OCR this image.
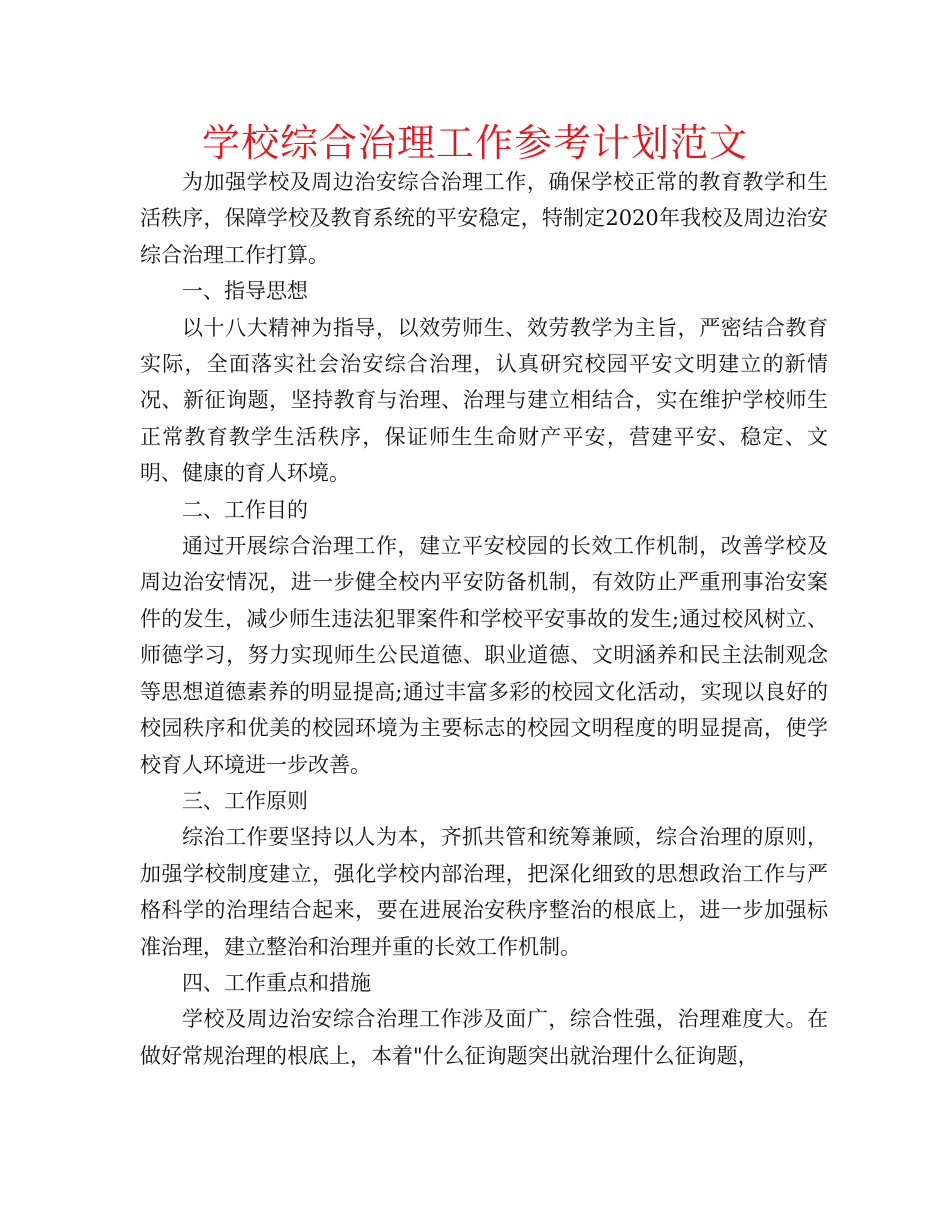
学校综合治理工作参考计划范文

为加强学校及周边治安综合治理工作，确保学校正常的教育教学和生活秩序，保障学校及教育系统的平安稳定，特制定2020年我校及周边治安综合治理工作打算。

一、指导思想

以十八大精神为指导，以效劳师生、效劳教学为主旨，严密结合教育实际，全面落实社会治安综合治理，认真研究校园平安文明建立的新情况、新征询题，坚持教育与治理、治理与建立相结合，实在维护学校师生正常教育教学生活秩序，保证师生生命财产平安，营建平安、稳定、文明、健康的育人环境。

二、工作目的

通过开展综合治理工作，建立平安校园的长效工作机制，改善学校及周边治安情况，进一步健全校内平安防备机制，有效防止严重刑事治安案件的发生，减少师生违法犯罪案件和学校平安事故的发生;通过校风树立、师德学习，努力实现师生公民道德、职业道德、文明涵养和民主法制观念等思想道德素养的明显提高;通过丰富多彩的校园文化活动，实现以良好的校园秩序和优美的校园环境为主要标志的校园文明程度的明显提高，使学校育人环境进一步改善。

三、工作原则

综治工作要坚持以人为本，齐抓共管和统筹兼顾，综合治理的原则，加强学校制度建立，强化学校内部治理，把深化细致的思想政治工作与严格科学的治理结合起来，要在进展治安秩序整治的根底上，进一步加强标准治理，建立整治和治理并重的长效工作机制。

四、工作重点和措施

学校及周边治安综合治理工作涉及面广，综合性强，治理难度大。在做好常规治理的根底上，本着"什么征询题突出就治理什么征询题，
